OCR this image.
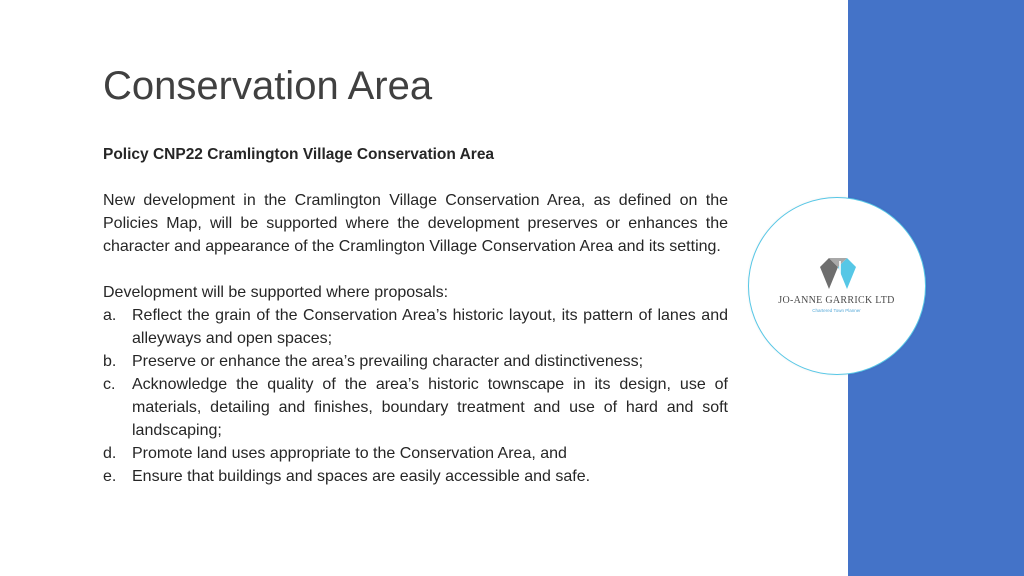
Conservation Area

Policy CNP22 Cramlington Village Conservation Area

New development in the Cramlington Village Conservation Area, as defined on the Policies Map, will be supported where the development preserves or enhances the character and appearance of the Cramlington Village Conservation Area and its setting.

Development will be supported where proposals:

a. Reflect the grain of the Conservation Area’s historic layout, its pattern of lanes and alleyways and open spaces;
b. Preserve or enhance the area’s prevailing character and distinctiveness;
c. Acknowledge the quality of the area’s historic townscape in its design, use of materials, detailing and finishes, boundary treatment and use of hard and soft landscaping;
d. Promote land uses appropriate to the Conservation Area, and
e. Ensure that buildings and spaces are easily accessible and safe.
JO-ANNE GARRICK LTD
Chartered Town Planner
